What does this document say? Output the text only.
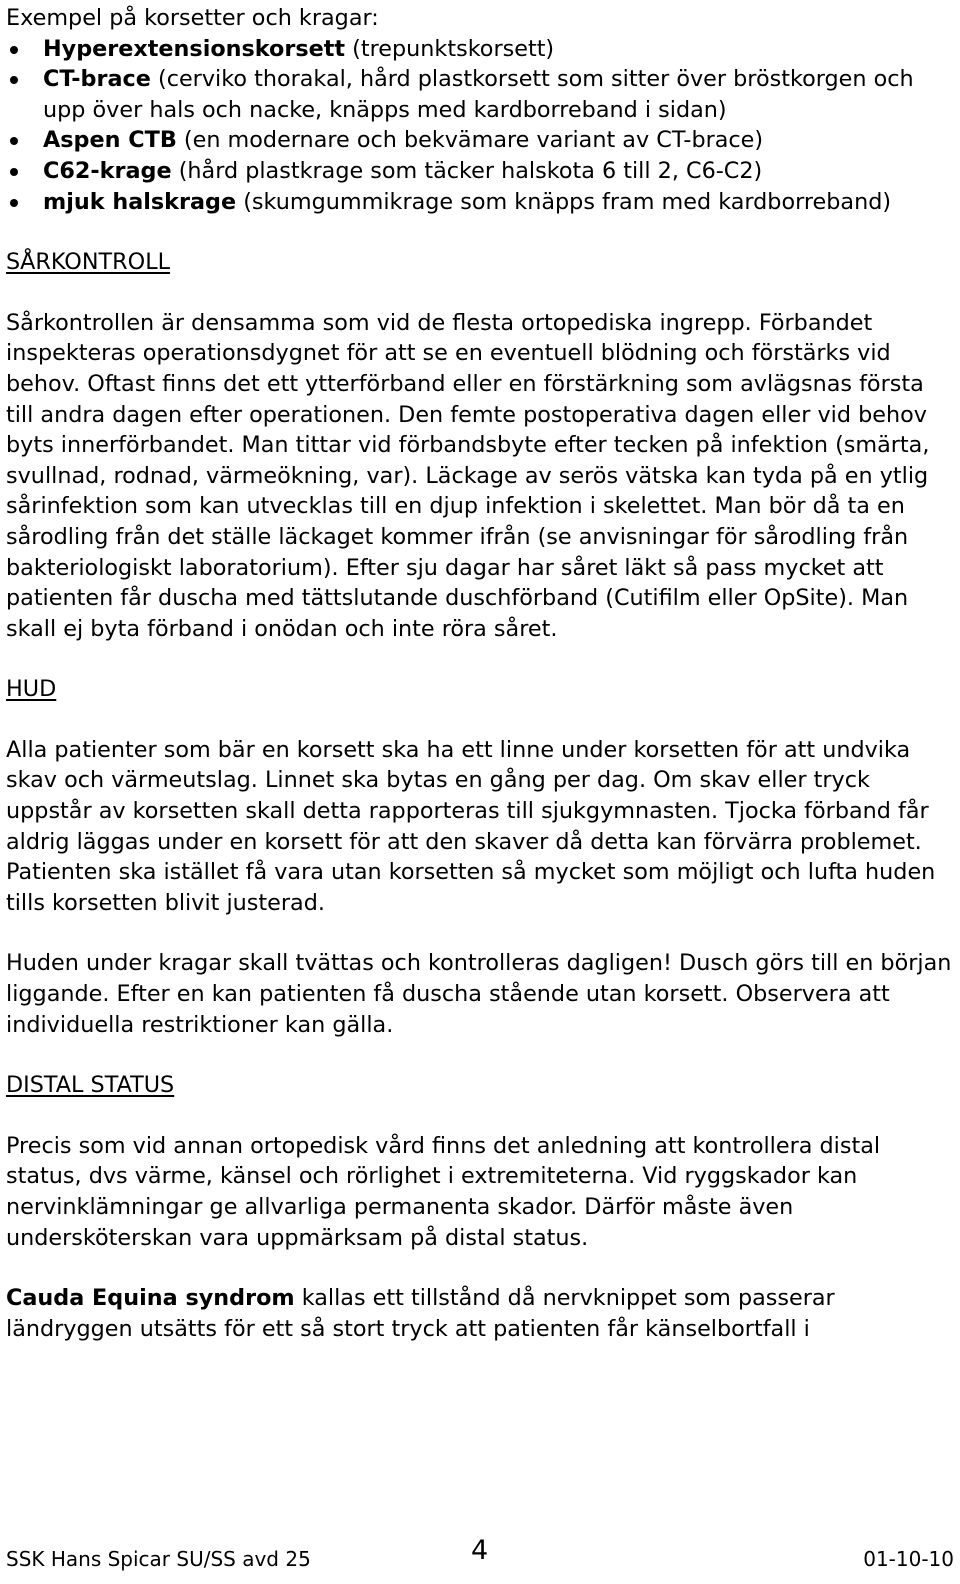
Exempel på korsetter och kragar:

Hyperextensionskorsett (trepunktskorsett)
CT-brace (cerviko thorakal, hård plastkorsett som sitter över bröstkorgen och upp över hals och nacke, knäpps med kardborreband i sidan)
Aspen CTB (en modernare och bekvämare variant av CT-brace)
C62-krage (hård plastkrage som täcker halskota 6 till 2, C6-C2)
mjuk halskrage (skumgummikrage som knäpps fram med kardborreband)
SÅRKONTROLL

Sårkontrollen är densamma som vid de flesta ortopediska ingrepp. Förbandet inspekteras operationsdygnet för att se en eventuell blödning och förstärks vid behov. Oftast finns det ett ytterförband eller en förstärkning som avlägsnas första till andra dagen efter operationen. Den femte postoperativa dagen eller vid behov byts innerförbandet. Man tittar vid förbandsbyte efter tecken på infektion (smärta, svullnad, rodnad, värmeökning, var). Läckage av serös vätska kan tyda på en ytlig sårinfektion som kan utvecklas till en djup infektion i skelettet. Man bör då ta en sårodling från det ställe läckaget kommer ifrån (se anvisningar för sårodling från bakteriologiskt laboratorium). Efter sju dagar har såret läkt så pass mycket att patienten får duscha med tättslutande duschförband (Cutifilm eller OpSite). Man skall ej byta förband i onödan och inte röra såret.

HUD

Alla patienter som bär en korsett ska ha ett linne under korsetten för att undvika skav och värmeutslag. Linnet ska bytas en gång per dag. Om skav eller tryck uppstår av korsetten skall detta rapporteras till sjukgymnasten. Tjocka förband får aldrig läggas under en korsett för att den skaver då detta kan förvärra problemet. Patienten ska istället få vara utan korsetten så mycket som möjligt och lufta huden tills korsetten blivit justerad.

Huden under kragar skall tvättas och kontrolleras dagligen! Dusch görs till en början liggande. Efter en kan patienten få duscha stående utan korsett. Observera att individuella restriktioner kan gälla.

DISTAL STATUS

Precis som vid annan ortopedisk vård finns det anledning att kontrollera distal status, dvs värme, känsel och rörlighet i extremiteterna. Vid ryggskador kan nervinklämningar ge allvarliga permanenta skador. Därför måste även undersköterskan vara uppmärksam på distal status.

Cauda Equina syndrom kallas ett tillstånd då nervknippet som passerar ländryggen utsätts för ett så stort tryck att patienten får känselbortfall i

SSK Hans Spicar SU/SS avd 25	4	01-10-10
